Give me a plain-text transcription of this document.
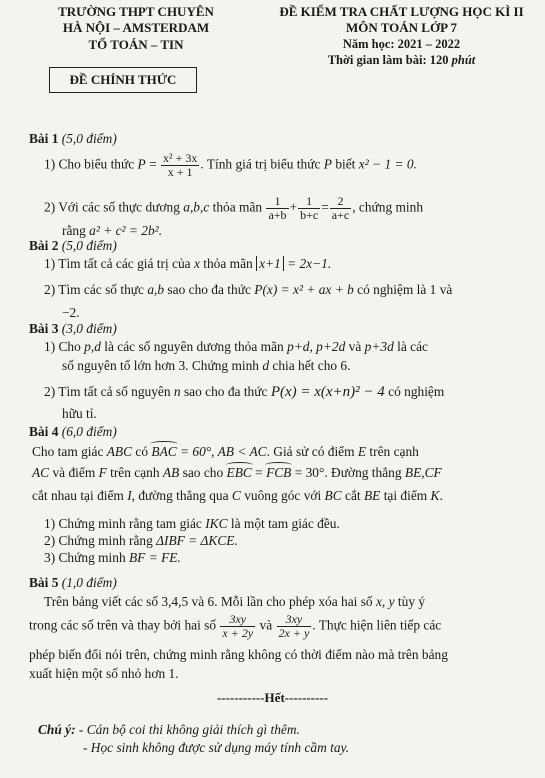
TRƯỜNG THPT CHUYÊN
HÀ NỘI – AMSTERDAM
TỔ TOÁN – TIN
ĐỀ CHÍNH THỨC
ĐỀ KIỂM TRA CHẤT LƯỢNG HỌC KÌ II
MÔN TOÁN LỚP 7
Năm học: 2021 – 2022
Thời gian làm bài: 120 phút
Bài 1 (5,0 điểm)
1) Cho biểu thức $P = \frac{\text{x² + 3x}}{x + 1}$ . Tính giá trị biểu thức P biết x² − 1 = 0.
2) Với các số thực dương a,b,c thỏa mãn $\frac{1}{a+b} + \frac{1}{b+c} = \frac{2}{a+c}$ , chứng minh
rằng a² + c² = 2b².
Bài 2 (5,0 điểm)
1) Tìm tất cả các giá trị của x thỏa mãn x+1 = 2x−1.
2) Tìm các số thực a,b sao cho đa thức P(x) = x² + ax + b có nghiệm là 1 và
−2.
Bài 3 (3,0 điểm)
1) Cho p,d là các số nguyên dương thỏa mãn p+d, p+2d và p+3d là các
số nguyên tố lớn hơn 3. Chứng minh d chia hết cho 6.
2) Tìm tất cả số nguyên n sao cho đa thức P(x) = x(x+n)² − 4 có nghiệm
hữu tỉ.
Bài 4 (6,0 điểm)
Cho tam giác ABC có BAC = 60°, AB < AC. Giả sử có điểm E trên cạnh
AC và điểm F trên cạnh AB sao cho EBC = FCB = 30°. Đường thẳng BE,CF
cắt nhau tại điểm I, đường thẳng qua C vuông góc với BC cắt BE tại điểm K.
1) Chứng minh rằng tam giác IKC là một tam giác đều.
2) Chứng minh rằng ΔIBF = ΔKCE.
3) Chứng minh BF = FE.
Bài 5 (1,0 điểm)
Trên bảng viết các số 3,4,5 và 6. Mỗi lần cho phép xóa hai số x, y tùy ý
trong các số trên và thay bởi hai số $\frac{3xy}{x + 2y}$ và $\frac{3xy}{2x + y}$ . Thực hiện liên tiếp các
phép biến đổi nói trên, chứng minh rằng không có thời điểm nào mà trên bảng
xuất hiện một số nhỏ hơn 1.
-----------Hết----------
Chú ý: - Cán bộ coi thi không giải thích gì thêm.
- Học sinh không được sử dụng máy tính cầm tay.
